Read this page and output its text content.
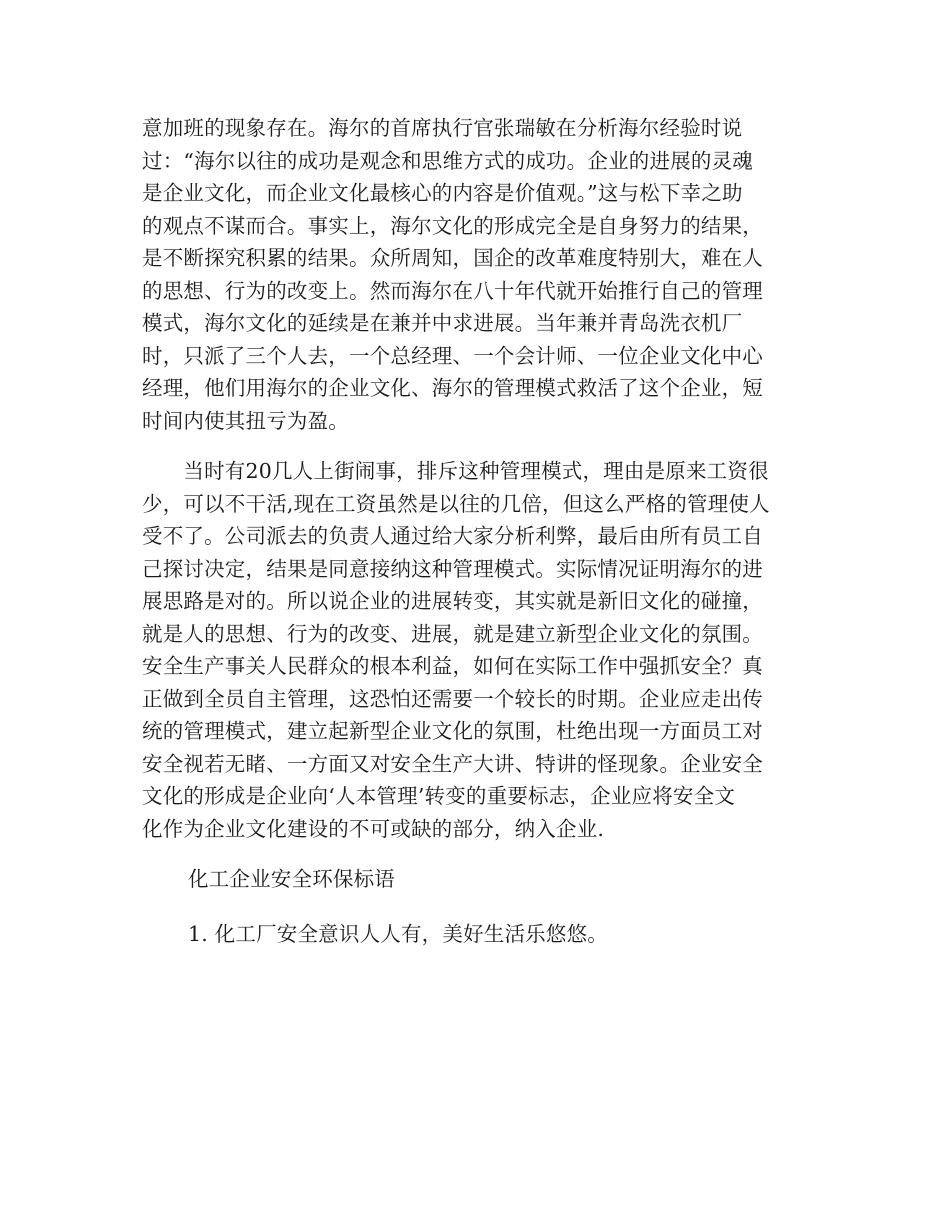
意加班的现象存在。海尔的首席执行官张瑞敏在分析海尔经验时说
过：“海尔以往的成功是观念和思维方式的成功。企业的进展的灵魂
是企业文化，而企业文化最核心的内容是价值观。”这与松下幸之助
的观点不谋而合。事实上，海尔文化的形成完全是自身努力的结果，
是不断探究积累的结果。众所周知，国企的改革难度特别大，难在人
的思想、行为的改变上。然而海尔在八十年代就开始推行自己的管理
模式，海尔文化的延续是在兼并中求进展。当年兼并青岛洗衣机厂
时，只派了三个人去，一个总经理、一个会计师、一位企业文化中心
经理，他们用海尔的企业文化、海尔的管理模式救活了这个企业，短
时间内使其扭亏为盈。

　　当时有20几人上街闹事，排斥这种管理模式，理由是原来工资很
少，可以不干活,现在工资虽然是以往的几倍，但这么严格的管理使人
受不了。公司派去的负责人通过给大家分析利弊，最后由所有员工自
己探讨决定，结果是同意接纳这种管理模式。实际情况证明海尔的进
展思路是对的。所以说企业的进展转变，其实就是新旧文化的碰撞，
就是人的思想、行为的改变、进展，就是建立新型企业文化的氛围。
安全生产事关人民群众的根本利益，如何在实际工作中强抓安全？真
正做到全员自主管理，这恐怕还需要一个较长的时期。企业应走出传
统的管理模式，建立起新型企业文化的氛围，杜绝出现一方面员工对
安全视若无睹、一方面又对安全生产大讲、特讲的怪现象。企业安全
文化的形成是企业向‘人本管理’转变的重要标志，企业应将安全文
化作为企业文化建设的不可或缺的部分，纳入企业.

化工企业安全环保标语

1. 化工厂安全意识人人有，美好生活乐悠悠。
